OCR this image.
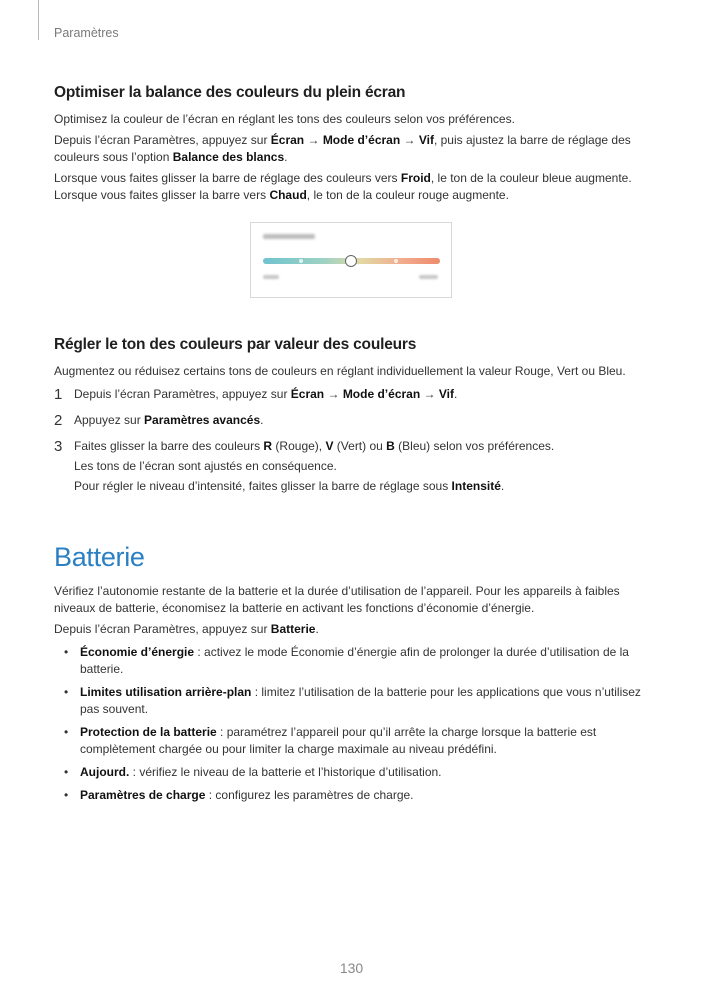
Paramètres
Optimiser la balance des couleurs du plein écran

Optimisez la couleur de l’écran en réglant les tons des couleurs selon vos préférences.

Depuis l’écran Paramètres, appuyez sur Écran → Mode d’écran → Vif, puis ajustez la barre de réglage des couleurs sous l’option Balance des blancs.

Lorsque vous faites glisser la barre de réglage des couleurs vers Froid, le ton de la couleur bleue augmente. Lorsque vous faites glisser la barre vers Chaud, le ton de la couleur rouge augmente.

Régler le ton des couleurs par valeur des couleurs

Augmentez ou réduisez certains tons de couleurs en réglant individuellement la valeur Rouge, Vert ou Bleu.

1 Depuis l’écran Paramètres, appuyez sur Écran → Mode d’écran → Vif.

2 Appuyez sur Paramètres avancés.

3 Faites glisser la barre des couleurs R (Rouge), V (Vert) ou B (Bleu) selon vos préférences.

Les tons de l’écran sont ajustés en conséquence.

Pour régler le niveau d’intensité, faites glisser la barre de réglage sous Intensité.

Batterie

Vérifiez l’autonomie restante de la batterie et la durée d’utilisation de l’appareil. Pour les appareils à faibles niveaux de batterie, économisez la batterie en activant les fonctions d’économie d’énergie.

Depuis l’écran Paramètres, appuyez sur Batterie.

• Économie d’énergie : activez le mode Économie d’énergie afin de prolonger la durée d’utilisation de la batterie.
• Limites utilisation arrière-plan : limitez l’utilisation de la batterie pour les applications que vous n’utilisez pas souvent.
• Protection de la batterie : paramétrez l’appareil pour qu’il arrête la charge lorsque la batterie est complètement chargée ou pour limiter la charge maximale au niveau prédéfini.
• Aujourd. : vérifiez le niveau de la batterie et l’historique d’utilisation.
• Paramètres de charge : configurez les paramètres de charge.
130
